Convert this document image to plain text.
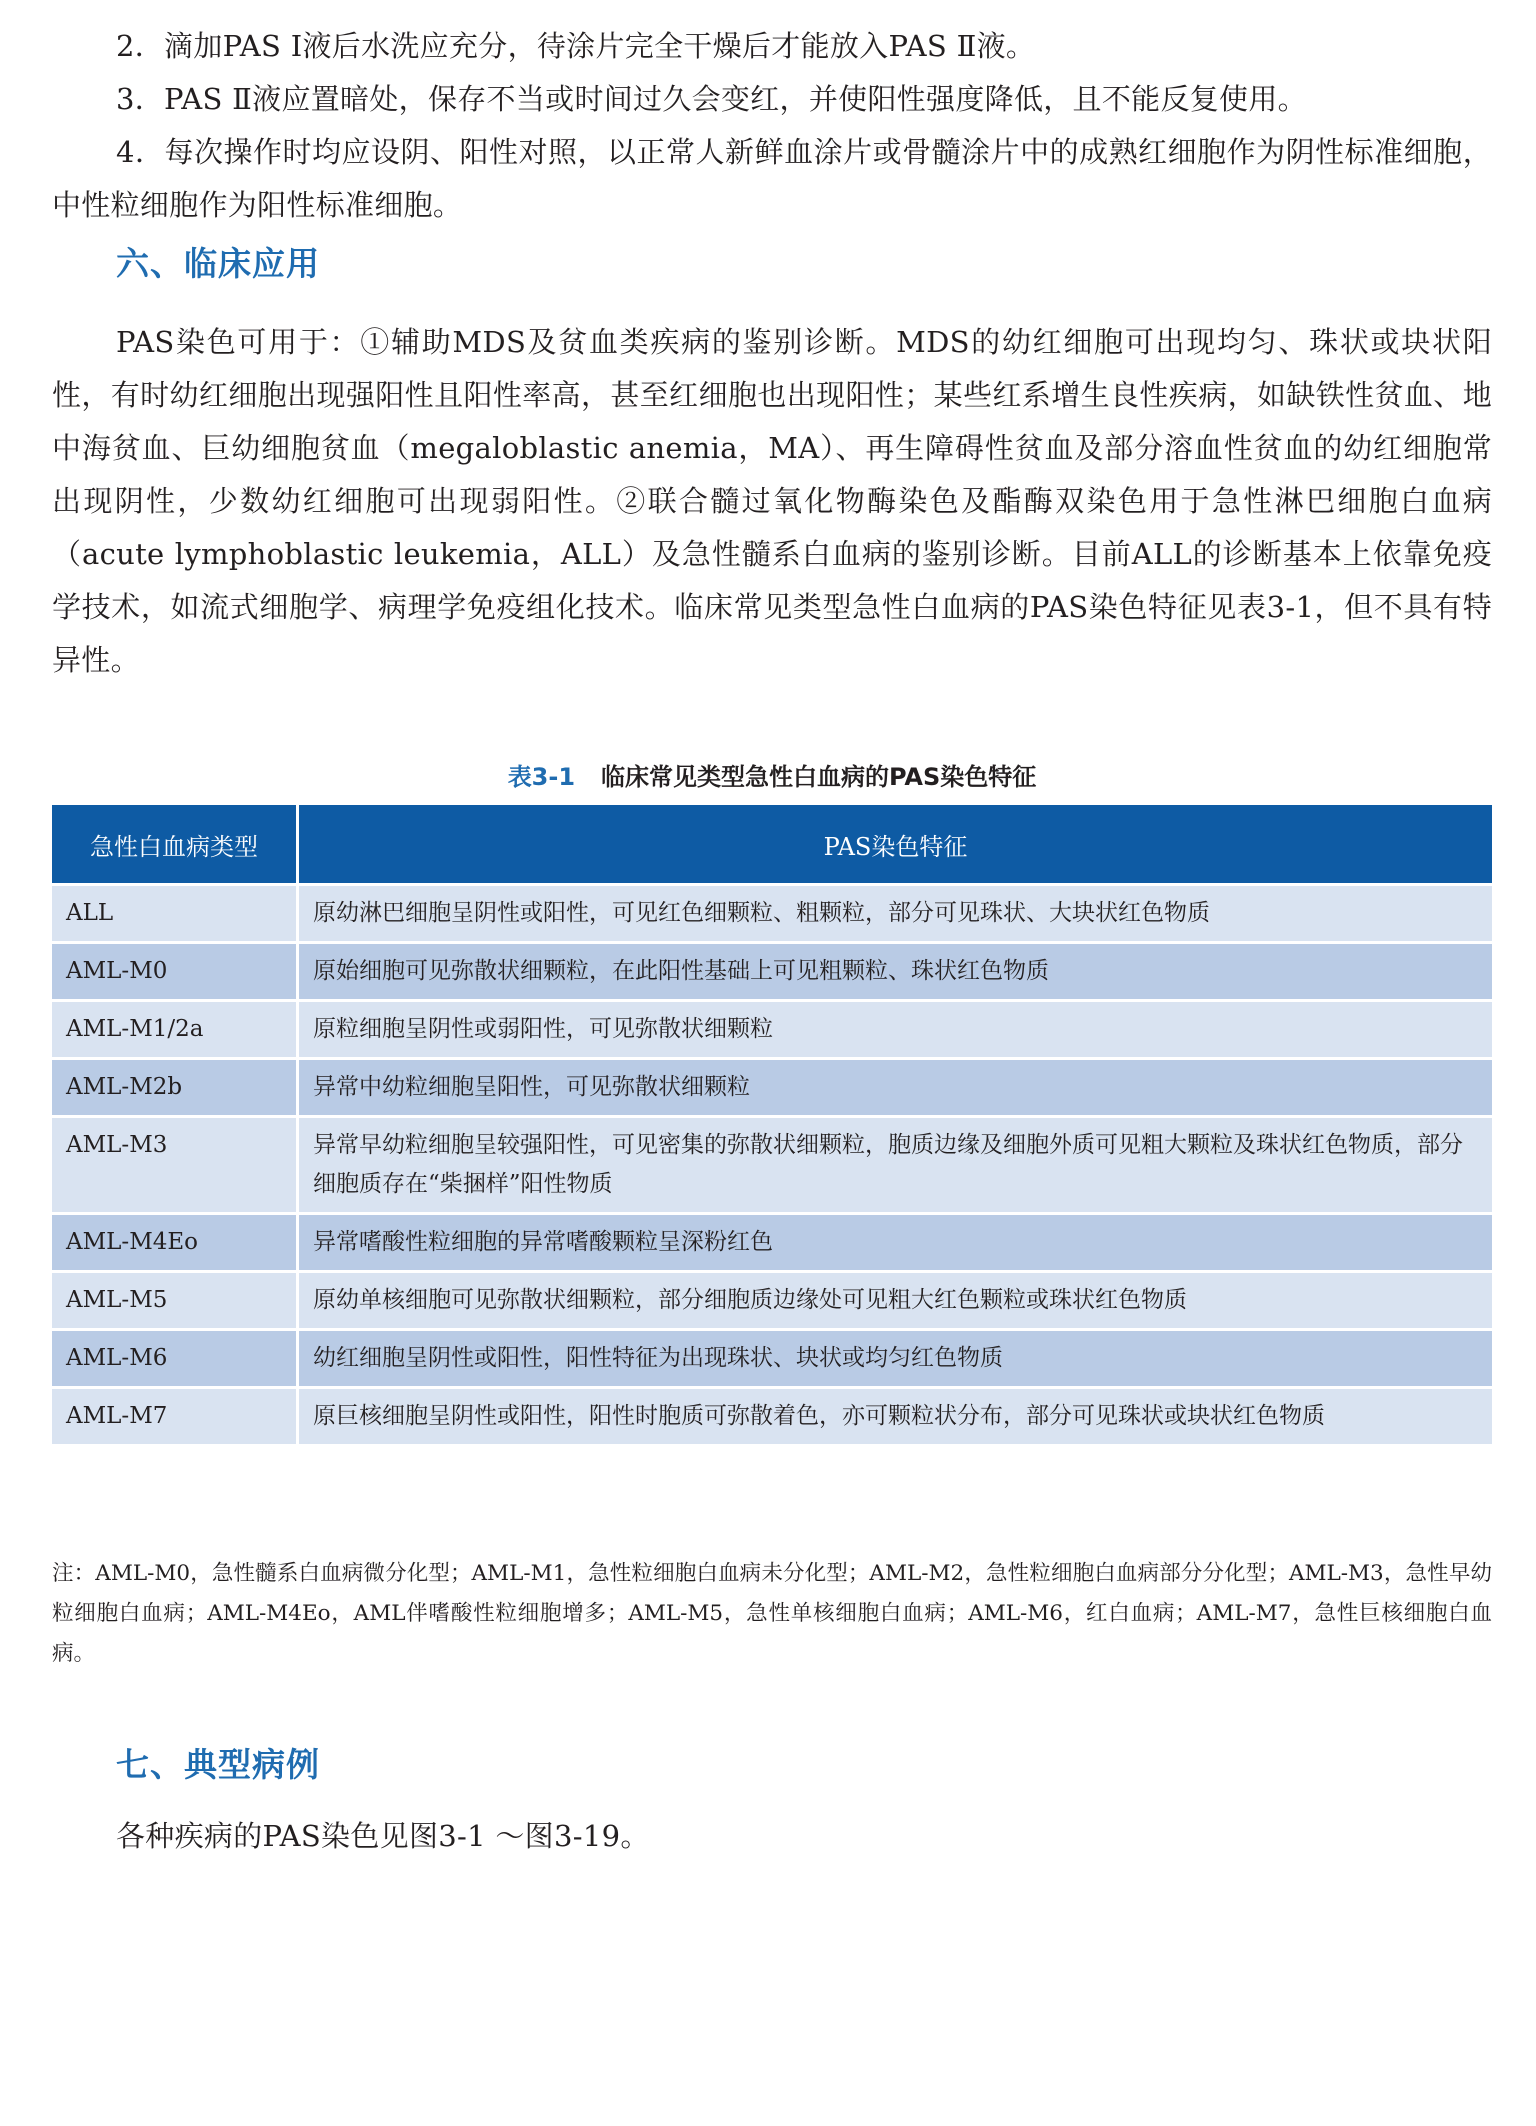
2．滴加PAS Ⅰ液后水洗应充分，待涂片完全干燥后才能放入PAS Ⅱ液。

3．PAS Ⅱ液应置暗处，保存不当或时间过久会变红，并使阳性强度降低，且不能反复使用。

4．每次操作时均应设阴、阳性对照，以正常人新鲜血涂片或骨髓涂片中的成熟红细胞作为阴性标准细胞，中性粒细胞作为阳性标准细胞。

六、临床应用

PAS染色可用于：①辅助MDS及贫血类疾病的鉴别诊断。MDS的幼红细胞可出现均匀、珠状或块状阳性，有时幼红细胞出现强阳性且阳性率高，甚至红细胞也出现阳性；某些红系增生良性疾病，如缺铁性贫血、地中海贫血、巨幼细胞贫血（megaloblastic anemia，MA）、再生障碍性贫血及部分溶血性贫血的幼红细胞常出现阴性，少数幼红细胞可出现弱阳性。②联合髓过氧化物酶染色及酯酶双染色用于急性淋巴细胞白血病（acute lymphoblastic leukemia，ALL）及急性髓系白血病的鉴别诊断。目前ALL的诊断基本上依靠免疫学技术，如流式细胞学、病理学免疫组化技术。临床常见类型急性白血病的PAS染色特征见表3-1，但不具有特异性。

表3-1 临床常见类型急性白血病的PAS染色特征
急性白血病类型	PAS染色特征
ALL	原幼淋巴细胞呈阴性或阳性，可见红色细颗粒、粗颗粒，部分可见珠状、大块状红色物质
AML-M0	原始细胞可见弥散状细颗粒，在此阳性基础上可见粗颗粒、珠状红色物质
AML-M1/2a	原粒细胞呈阴性或弱阳性，可见弥散状细颗粒
AML-M2b	异常中幼粒细胞呈阳性，可见弥散状细颗粒
AML-M3	异常早幼粒细胞呈较强阳性，可见密集的弥散状细颗粒，胞质边缘及细胞外质可见粗大颗粒及珠状红色物质，部分细胞质存在“柴捆样”阳性物质
AML-M4Eo	异常嗜酸性粒细胞的异常嗜酸颗粒呈深粉红色
AML-M5	原幼单核细胞可见弥散状细颗粒，部分细胞质边缘处可见粗大红色颗粒或珠状红色物质
AML-M6	幼红细胞呈阴性或阳性，阳性特征为出现珠状、块状或均匀红色物质
AML-M7	原巨核细胞呈阴性或阳性，阳性时胞质可弥散着色，亦可颗粒状分布，部分可见珠状或块状红色物质

注：AML-M0，急性髓系白血病微分化型；AML-M1，急性粒细胞白血病未分化型；AML-M2，急性粒细胞白血病部分分化型；AML-M3，急性早幼粒细胞白血病；AML-M4Eo，AML伴嗜酸性粒细胞增多；AML-M5，急性单核细胞白血病；AML-M6，红白血病；AML-M7，急性巨核细胞白血病。

七、典型病例

各种疾病的PAS染色见图3-1 ～图3-19。
